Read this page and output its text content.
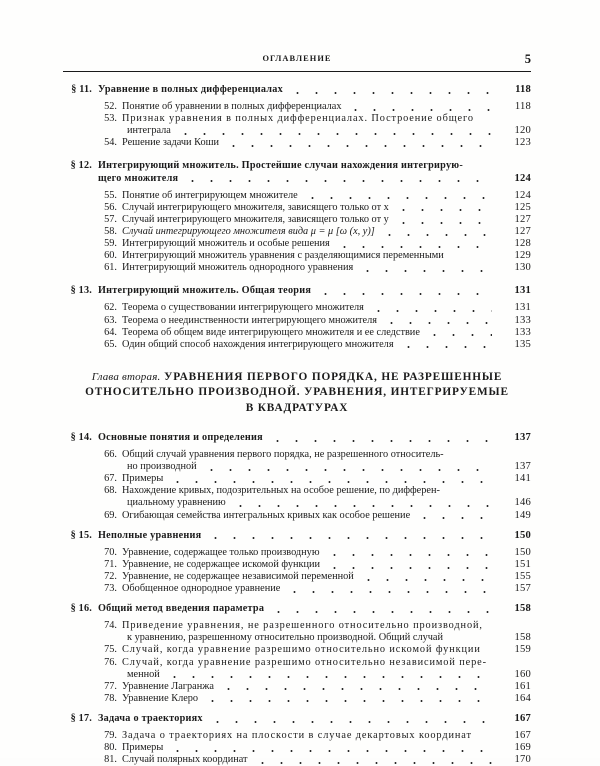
ОГЛАВЛЕНИЕ	5
§ 11. Уравнение в полных дифференциалах	118
52. Понятие об уравнении в полных дифференциалах	118
53. Признак уравнения в полных дифференциалах. Построение общего
интеграла	120
54. Решение задачи Коши	123
§ 12. Интегрирующий множитель. Простейшие случаи нахождения интегрирую-
щего множителя	124
55. Понятие об интегрирующем множителе	124
56. Случай интегрирующего множителя, зависящего только от x	125
57. Случай интегрирующего множителя, зависящего только от y	127
58. Случай интегрирующего множителя вида μ = μ [ω (x, y)]	127
59. Интегрирующий множитель и особые решения	128
60. Интегрирующий множитель уравнения с разделяющимися переменными	129
61. Интегрирующий множитель однородного уравнения	130
§ 13. Интегрирующий множитель. Общая теория	131
62. Теорема о существовании интегрирующего множителя	131
63. Теорема о неединственности интегрирующего множителя	133
64. Теорема об общем виде интегрирующего множителя и ее следствие	133
65. Один общий способ нахождения интегрирующего множителя	135
Глава вторая. УРАВНЕНИЯ ПЕРВОГО ПОРЯДКА, НЕ РАЗРЕШЕННЫЕ
ОТНОСИТЕЛЬНО ПРОИЗВОДНОЙ. УРАВНЕНИЯ, ИНТЕГРИРУЕМЫЕ
В КВАДРАТУРАХ
§ 14. Основные понятия и определения	137
66. Общий случай уравнения первого порядка, не разрешенного относитель-
но производной	137
67. Примеры	141
68. Нахождение кривых, подозрительных на особое решение, по дифферен-
циальному уравнению	146
69. Огибающая семейства интегральных кривых как особое решение	149
§ 15. Неполные уравнения	150
70. Уравнение, содержащее только производную	150
71. Уравнение, не содержащее искомой функции	151
72. Уравнение, не содержащее независимой переменной	155
73. Обобщенное однородное уравнение	157
§ 16. Общий метод введения параметра	158
74. Приведение уравнения, не разрешенного относительно производной,
к уравнению, разрешенному относительно производной. Общий случай	158
75. Случай, когда уравнение разрешимо относительно искомой функции	159
76. Случай, когда уравнение разрешимо относительно независимой пере-
менной	160
77. Уравнение Лагранжа	161
78. Уравнение Клеро	164
§ 17. Задача о траекториях	167
79. Задача о траекториях на плоскости в случае декартовых координат	167
80. Примеры	169
81. Случай полярных координат	170
